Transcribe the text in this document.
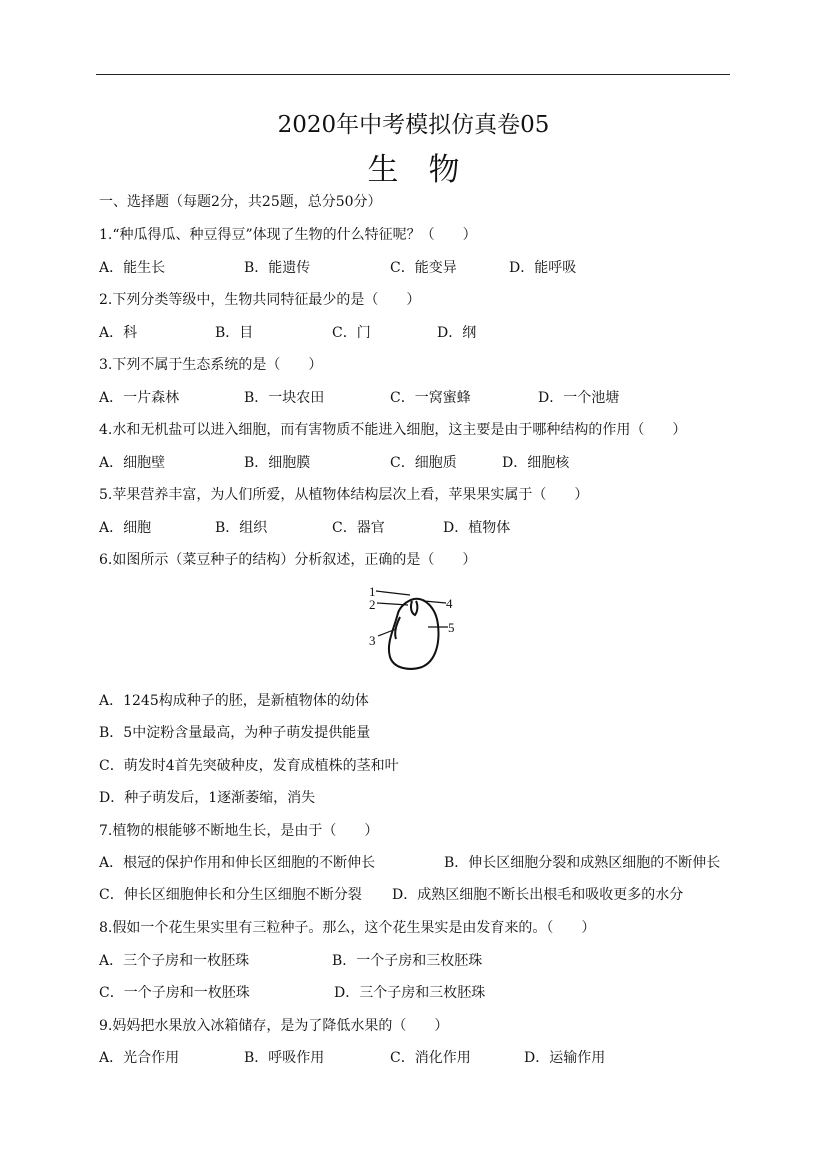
2020年中考模拟仿真卷05
生 物
一、选择题（每题2分，共25题，总分50分）
1.“种瓜得瓜、种豆得豆”体现了生物的什么特征呢？（　　）
A．能生长	B．能遗传	C．能变异	D．能呼吸
2.下列分类等级中，生物共同特征最少的是（　　）
A．科	B．目	C．门	D．纲
3.下列不属于生态系统的是（　　）
A．一片森林	B．一块农田	C．一窝蜜蜂	D．一个池塘
4.水和无机盐可以进入细胞，而有害物质不能进入细胞，这主要是由于哪种结构的作用（　　）
A．细胞壁	B．细胞膜	C．细胞质	D．细胞核
5.苹果营养丰富，为人们所爱，从植物体结构层次上看，苹果果实属于（　　）
A．细胞	B．组织	C．器官	D．植物体
6.如图所示（菜豆种子的结构）分析叙述，正确的是（　　）
1
2
3
4
5
A．1245构成种子的胚，是新植物体的幼体
B．5中淀粉含量最高，为种子萌发提供能量
C．萌发时4首先突破种皮，发育成植株的茎和叶
D．种子萌发后，1逐渐萎缩，消失
7.植物的根能够不断地生长，是由于（　　）
A．根冠的保护作用和伸长区细胞的不断伸长	B．伸长区细胞分裂和成熟区细胞的不断伸长
C．伸长区细胞伸长和分生区细胞不断分裂 D．成熟区细胞不断长出根毛和吸收更多的水分
8.假如一个花生果实里有三粒种子。那么，这个花生果实是由发育来的。（　　）
A．三个子房和一枚胚珠	B．一个子房和三枚胚珠
C．一个子房和一枚胚珠	D．三个子房和三枚胚珠
9.妈妈把水果放入冰箱储存，是为了降低水果的（　　）
A．光合作用	B．呼吸作用	C．消化作用	D．运输作用
